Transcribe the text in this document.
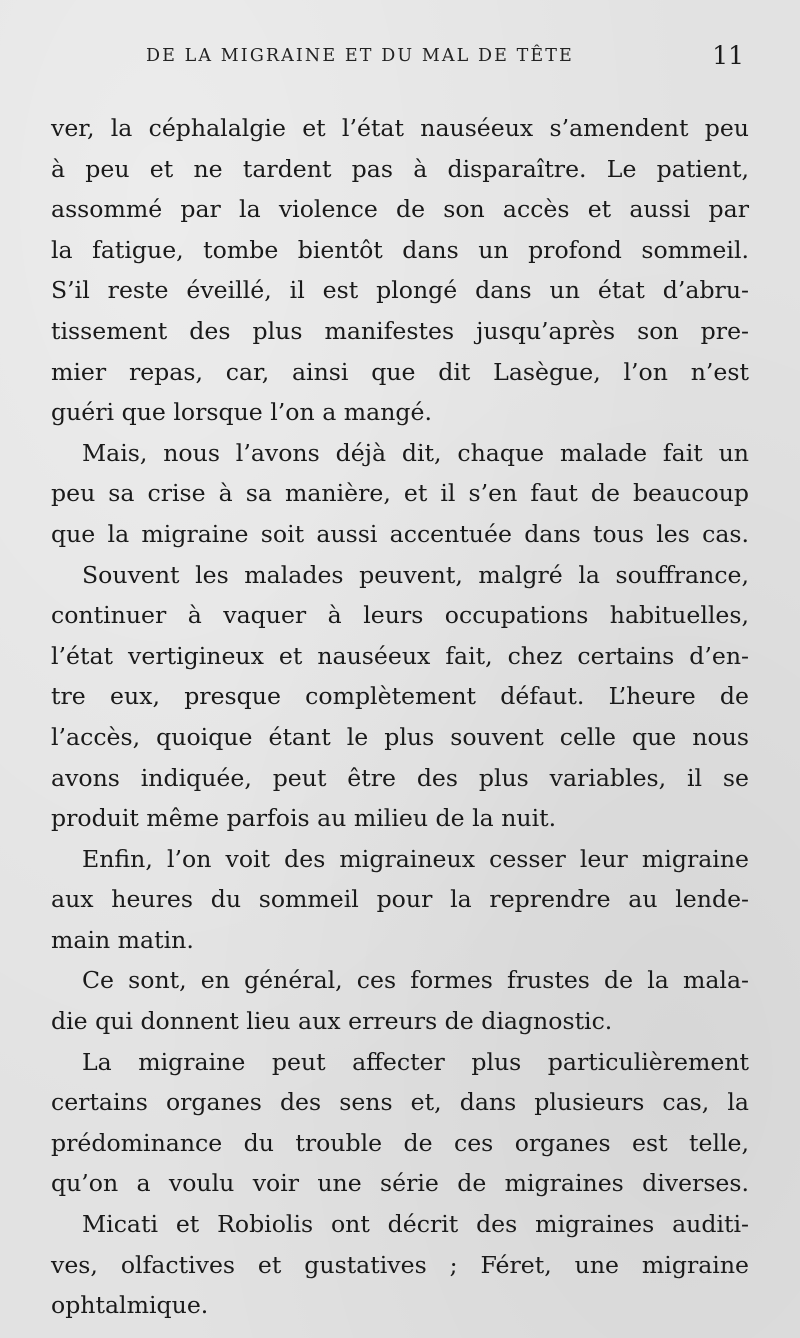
DE LA MIGRAINE ET DU MAL DE TÊTE	11
ver, la céphalalgie et l’état nauséeux s’amendent peu
à peu et ne tardent pas à disparaître. Le patient,
assommé par la violence de son accès et aussi par
la fatigue, tombe bientôt dans un profond sommeil.
S’il reste éveillé, il est plongé dans un état d’abru-
tissement des plus manifestes jusqu’après son pre-
mier repas, car, ainsi que dit Lasègue, l’on n’est
guéri que lorsque l’on a mangé.
Mais, nous l’avons déjà dit, chaque malade fait un
peu sa crise à sa manière, et il s’en faut de beaucoup
que la migraine soit aussi accentuée dans tous les cas.
Souvent les malades peuvent, malgré la souffrance,
continuer à vaquer à leurs occupations habituelles,
l’état vertigineux et nauséeux fait, chez certains d’en-
tre eux, presque complètement défaut. L’heure de
l’accès, quoique étant le plus souvent celle que nous
avons indiquée, peut être des plus variables, il se
produit même parfois au milieu de la nuit.
Enfin, l’on voit des migraineux cesser leur migraine
aux heures du sommeil pour la reprendre au lende-
main matin.
Ce sont, en général, ces formes frustes de la mala-
die qui donnent lieu aux erreurs de diagnostic.
La migraine peut affecter plus particulièrement
certains organes des sens et, dans plusieurs cas, la
prédominance du trouble de ces organes est telle,
qu’on a voulu voir une série de migraines diverses.
Micati et Robiolis ont décrit des migraines auditi-
ves, olfactives et gustatives ; Féret, une migraine
ophtalmique.
